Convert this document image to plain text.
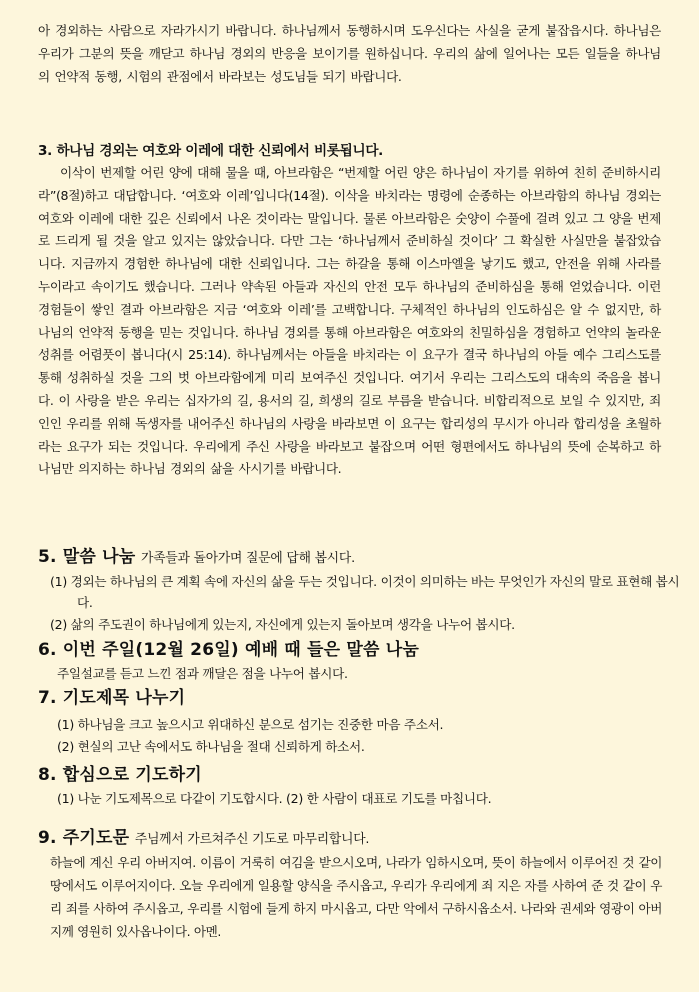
아 경외하는 사람으로 자라가시기 바랍니다. 하나님께서 동행하시며 도우신다는 사실을 굳게 붙잡읍시다. 하나님은 우리가 그분의 뜻을 깨닫고 하나님 경외의 반응을 보이기를 원하십니다. 우리의 삶에 일어나는 모든 일들을 하나님의 언약적 동행, 시험의 관점에서 바라보는 성도님들 되기 바랍니다.

3. 하나님 경외는 여호와 이레에 대한 신뢰에서 비롯됩니다.

이삭이 번제할 어린 양에 대해 물을 때, 아브라함은 “번제할 어린 양은 하나님이 자기를 위하여 친히 준비하시리라”(8절)하고 대답합니다. ‘여호와 이레’입니다(14절). 이삭을 바치라는 명령에 순종하는 아브라함의 하나님 경외는 여호와 이레에 대한 깊은 신뢰에서 나온 것이라는 말입니다. 물론 아브라함은 숫양이 수풀에 걸려 있고 그 양을 번제로 드리게 될 것을 알고 있지는 않았습니다. 다만 그는 ‘하나님께서 준비하실 것이다’ 그 확실한 사실만을 붙잡았습니다. 지금까지 경험한 하나님에 대한 신뢰입니다. 그는 하갈을 통해 이스마엘을 낳기도 했고, 안전을 위해 사라를 누이라고 속이기도 했습니다. 그러나 약속된 아들과 자신의 안전 모두 하나님의 준비하심을 통해 얻었습니다. 이런 경험들이 쌓인 결과 아브라함은 지금 ‘여호와 이레’를 고백합니다. 구체적인 하나님의 인도하심은 알 수 없지만, 하나님의 언약적 동행을 믿는 것입니다. 하나님 경외를 통해 아브라함은 여호와의 친밀하심을 경험하고 언약의 놀라운 성취를 어렴풋이 봅니다(시 25:14). 하나님께서는 아들을 바치라는 이 요구가 결국 하나님의 아들 예수 그리스도를 통해 성취하실 것을 그의 벗 아브라함에게 미리 보여주신 것입니다. 여기서 우리는 그리스도의 대속의 죽음을 봅니다. 이 사랑을 받은 우리는 십자가의 길, 용서의 길, 희생의 길로 부름을 받습니다. 비합리적으로 보일 수 있지만, 죄인인 우리를 위해 독생자를 내어주신 하나님의 사랑을 바라보면 이 요구는 합리성의 무시가 아니라 합리성을 초월하라는 요구가 되는 것입니다. 우리에게 주신 사랑을 바라보고 붙잡으며 어떤 형편에서도 하나님의 뜻에 순복하고 하나님만 의지하는 하나님 경외의 삶을 사시기를 바랍니다.

5. 말씀 나눔 가족들과 돌아가며 질문에 답해 봅시다.
(1) 경외는 하나님의 큰 계획 속에 자신의 삶을 두는 것입니다. 이것이 의미하는 바는 무엇인가 자신의 말로 표현해 봅시다.
(2) 삶의 주도권이 하나님에게 있는지, 자신에게 있는지 돌아보며 생각을 나누어 봅시다.
6. 이번 주일(12월 26일) 예배 때 들은 말씀 나눔
주일설교를 듣고 느낀 점과 깨달은 점을 나누어 봅시다.
7. 기도제목 나누기
(1) 하나님을 크고 높으시고 위대하신 분으로 섬기는 진중한 마음 주소서.
(2) 현실의 고난 속에서도 하나님을 절대 신뢰하게 하소서.
8. 합심으로 기도하기
(1) 나눈 기도제목으로 다같이 기도합시다. (2) 한 사람이 대표로 기도를 마칩니다.
9. 주기도문 주님께서 가르쳐주신 기도로 마무리합니다.

하늘에 계신 우리 아버지여. 이름이 거룩히 여김을 받으시오며, 나라가 임하시오며, 뜻이 하늘에서 이루어진 것 같이 땅에서도 이루어지이다. 오늘 우리에게 일용할 양식을 주시옵고, 우리가 우리에게 죄 지은 자를 사하여 준 것 같이 우리 죄를 사하여 주시옵고, 우리를 시험에 들게 하지 마시옵고, 다만 악에서 구하시옵소서. 나라와 권세와 영광이 아버지께 영원히 있사옵나이다. 아멘.
